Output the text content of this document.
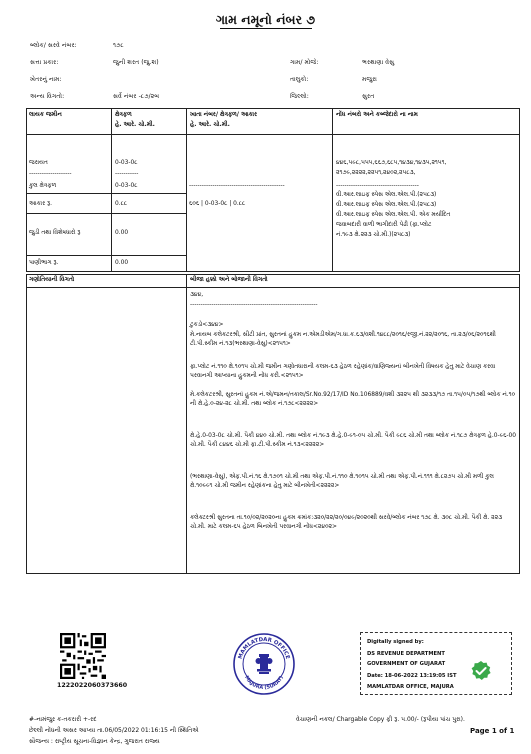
ગામ નમૂનો નંબર ૭
બ્લોક/ સરવે નંબર:	૧૭૮
સત્તા પ્રકાર:	જુની શરત (જુ.શ)	ગામ/ મોજે:	ભરથાણા વેસુ
ખેતરનું નામ:	તાલુકો:	મજુરા
અન્ય વિગતો:	સર્વે નંબર -૮૭/૨બ	જિલ્લો:	સુરત
લાયક જમીન	ક્ષેત્રફળ
હે. આરે. ચો.મી.
ખાતા નંબર/ ક્ષેત્રફળ/ આકાર
હે. આરે. ચો.મી.
નોંધ નંબરો અને કબ્જેદારો ના નામ
જરાયત	0-03-0૮
--------------------	-----------
કુલ ક્ષેત્રફળ	0-03-0૮	---------------------------------------------
આકાર રૂ.	0.૮૮	૬૦૬ | 0-03-0૮ | 0.૮૮
જુડી તથા વિશેષધારો રૂ	0.00
પાણીભાગ રૂ.	0.00
૪૪૬,૫૯૮,૫૫૫,૬૬૭,૬૮૫,૧૪૩૪,૧૪૩૫,૨૧૫૧,
૨૧૭૯,૨૨૨૨,૨૨૫૧,૨૪૦૨,૨૫૮૩,
---------------------------------------
વી.આર.લાઇફ સ્પેસ એલ.એલ.પી.(૨૫૮૩)
વી.આર.લાઇફ સ્પેસ એલ.એલ.પી.(૨૫૮૩)
વી.આર.લાઇફ સ્પેસ એલ.એલ.પી. એક મર્યાદિત
જવાબદારી વાળી ભાગીદારી પેઢી (ફા.પ્લોટ
નં.૧૯૩ ક્ષે.૨૨૩ ચો.મી.)(૨૫૮૩)
ગણોતિયાની વિગતો	બીજા હક્કો અને બોજાની વિગતો
૩૪૪,
------------------------------------------------------------
ટુકડો<૩૪૪>
મે.નાયબ કલેકટરશ્રી, સીટી પ્રાંત, સુરતનાં હુકમ ન.એમડીએમ/ગ.ધા.ક.૬૩/વશી.૧૪૮૮/૨૦૧૬/રજી.નં.૨૨/૨૦૧૬, તા.૨૩/૦૬/૨૦૧૬થી ટી.પી.સ્કીમ નં.૧૩(ભરથાણા-વેસુ)<૨૧૫૧>
ફા.પ્લોટ નં.૧૧૦ ક્ષે.૧૦૧૫ ચો.મી જમીન ગણોતધારાની કલમ-૬૩ હેઠળ રહેણાંક/વાણિજ્યનાં બીનખેતી વિષયક હેતુ માટે વેચાણ કરવા પરવાનગી આપ્યાના હુકમની નોંધ કરી.<૨૧૫૧>
મે.કલેકટરશ્રી, સુરતનાં હુકમ નં.એ/જમન/તકાલ/Sr.No.92/17/ID No.106889/વશી ૩૨૨૫ થી ૩૨૩૩/૧૭ તા.૧૫/૦૫/૧૭થી બ્લોક નં.૧૦ ની ક્ષે.હે.૦-૨૪-૨૮ ચો.મી. તથા બ્લોક નં.૧૭૮<૨૨૨૨>
ક્ષે.હે.0-03-0૮ ચો.મી. પૈકી ૪૪૦ ચો.મી. તથા બ્લોક નં.૧૯૩ ક્ષે.હે.0-૯૧-૦૫ ચો.મી. પૈકી ૯૮૬ ચો.મી તથા બ્લોક નં.૧૮૭ ક્ષેત્રફળ હે.0-૯૬-00 ચો.મી. પૈકી ૮૪૪૬ ચો.મી ફા.ટી.પી.સ્કીમ નં.૧૩<૨૨૨૨>
(ભરથાણા-વેસુ), એફ.પી.નં.૧૬ ક્ષે.૧૭૦૧ ચો.મી તથા એફ.પી.નં.૧૧૦ ક્ષે.૧૦૧૫ ચો.મી તથા એફ.પી.નં.૧૧૧ ક્ષે.૮૨૭૫ ચો.મી મળી કુલ ક્ષે.૧૦૯૯૧ ચો.મી જમીન રહેણાંકના હેતુ માટે બીનખેતી<૨૨૨૨>
કલેક્ટરશ્રી સુરતના તા.૧૦/૦૨/૨૦૨૦ના હુકમ ક્રમાંક:૩૨૦/૨૨/૨૦/૦૪૯/૨૦૨૦થી સરવે/બ્લોક નંબર ૧૭૮ ક્ષે. ૩૦૮ ચો.મી. પૈકી ક્ષે. ૨૨૩ ચો.મી. માટે કલમ-૬૫ હેઠળ બિનખેતી પરવાનગી નોંધ<૨૪૦૨>
1222022060373660
MAMLATDAR OFFICE
MAJURA (SURAT)
Digitally signed by:
DS REVENUE DEPARTMENT
GOVERNMENT OF GUJARAT
Date: 18-06-2022 13:19:05 IST
MAMLATDAR OFFICE, MAJURA
#-નામંજુર ક-તકરારી +-રદ
છેલ્લી નોંધની અસર આપ્યા તા.06/05/2022 01:16:15 ની સ્થિતિએ
સૌજન્ય : રાષ્ટ્રીય સૂચના-વિજ્ઞાન કેન્દ્ર, ગુજરાત રાજ્ય
વેચાણની નકલ/ Chargable Copy ફી રૂ. ૫.00/- (રૂપીયા પાંચ પુરા).
Page 1 of 1
